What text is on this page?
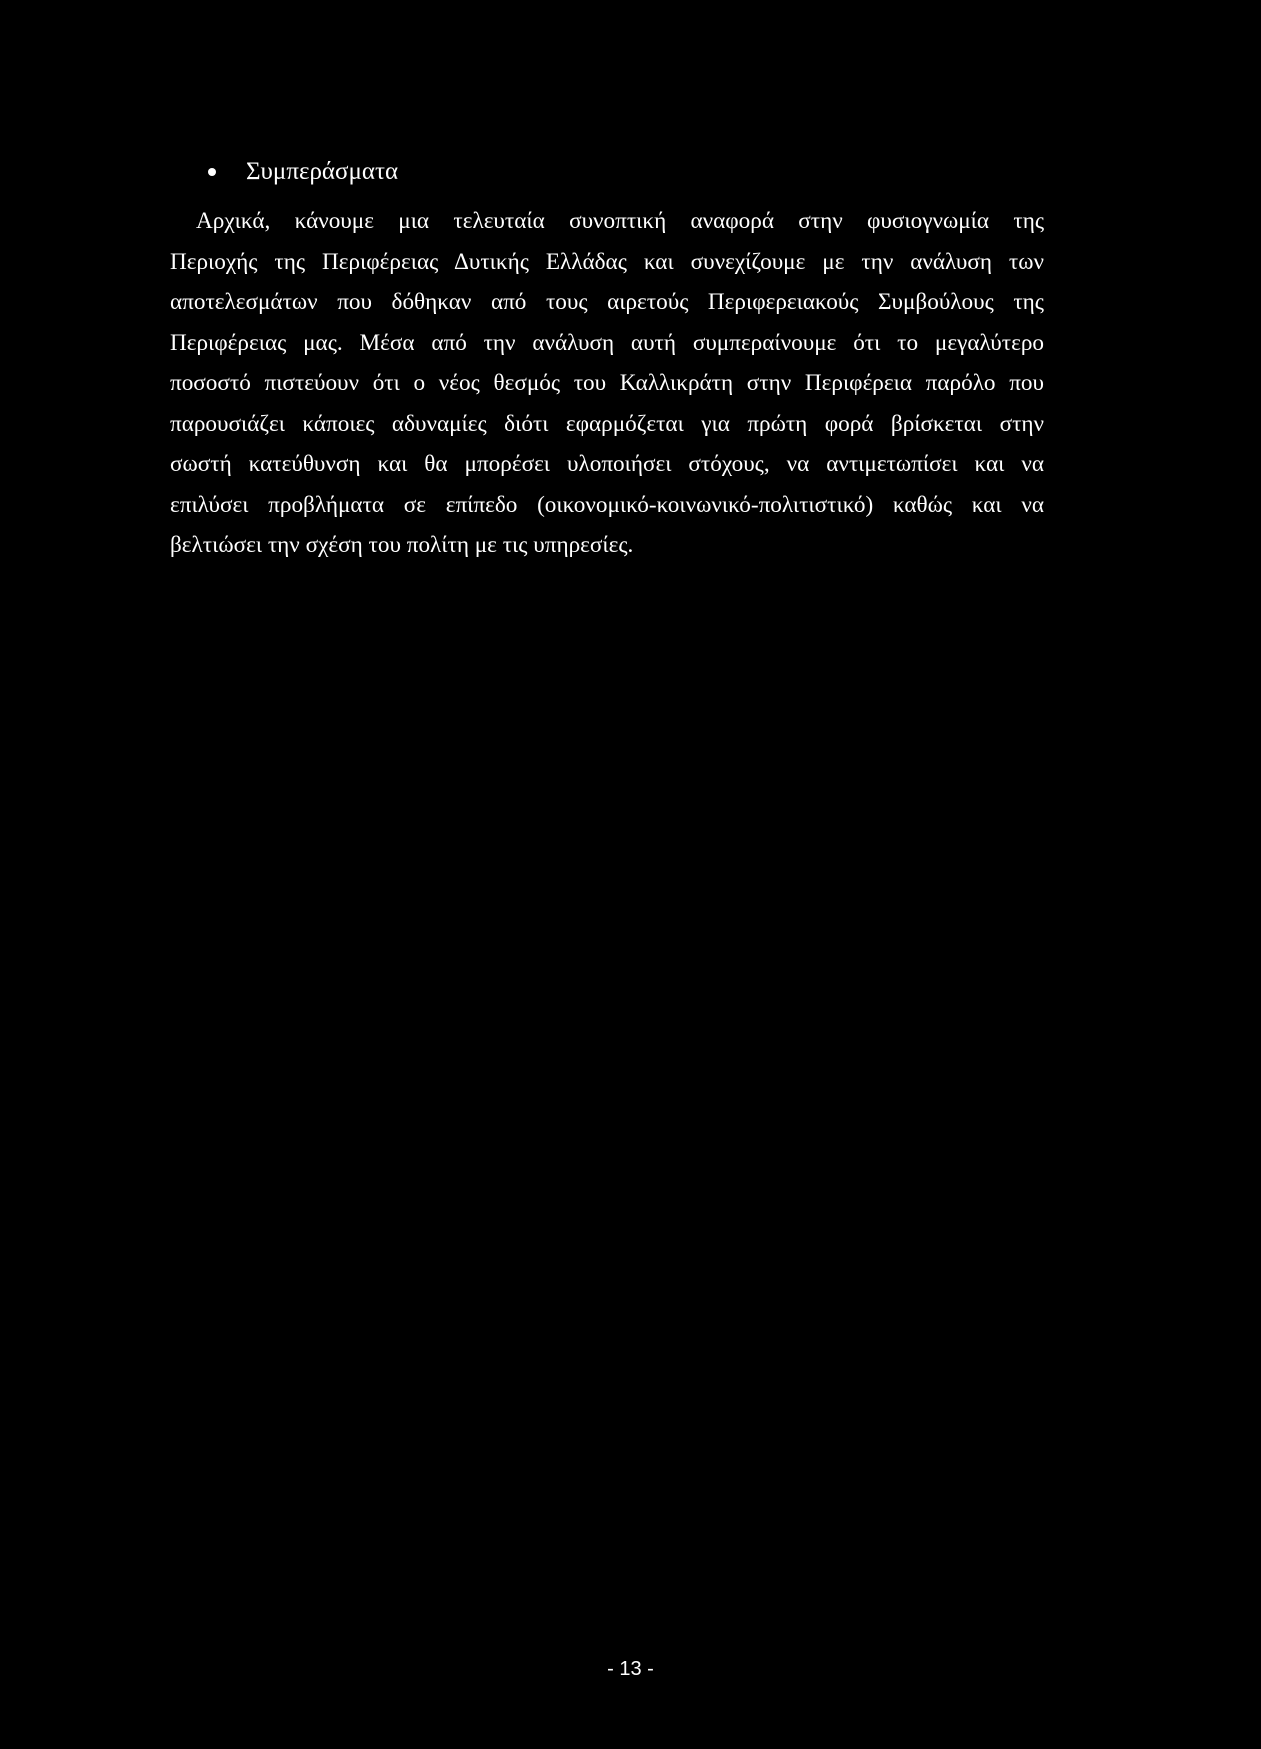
Συμπεράσματα
Αρχικά, κάνουμε μια τελευταία συνοπτική αναφορά στην φυσιογνωμία της
Περιοχής της Περιφέρειας Δυτικής Ελλάδας και συνεχίζουμε με την ανάλυση των
αποτελεσμάτων που δόθηκαν από τους αιρετούς Περιφερειακούς Συμβούλους της
Περιφέρειας μας. Μέσα από την ανάλυση αυτή συμπεραίνουμε ότι το μεγαλύτερο
ποσοστό πιστεύουν ότι ο νέος θεσμός του Καλλικράτη στην Περιφέρεια παρόλο που
παρουσιάζει κάποιες αδυναμίες διότι εφαρμόζεται για πρώτη φορά βρίσκεται στην
σωστή κατεύθυνση και θα μπορέσει υλοποιήσει στόχους, να αντιμετωπίσει και να
επιλύσει προβλήματα σε επίπεδο (οικονομικό-κοινωνικό-πολιτιστικό) καθώς και να
βελτιώσει την σχέση του πολίτη με τις υπηρεσίες.
- 13 -
